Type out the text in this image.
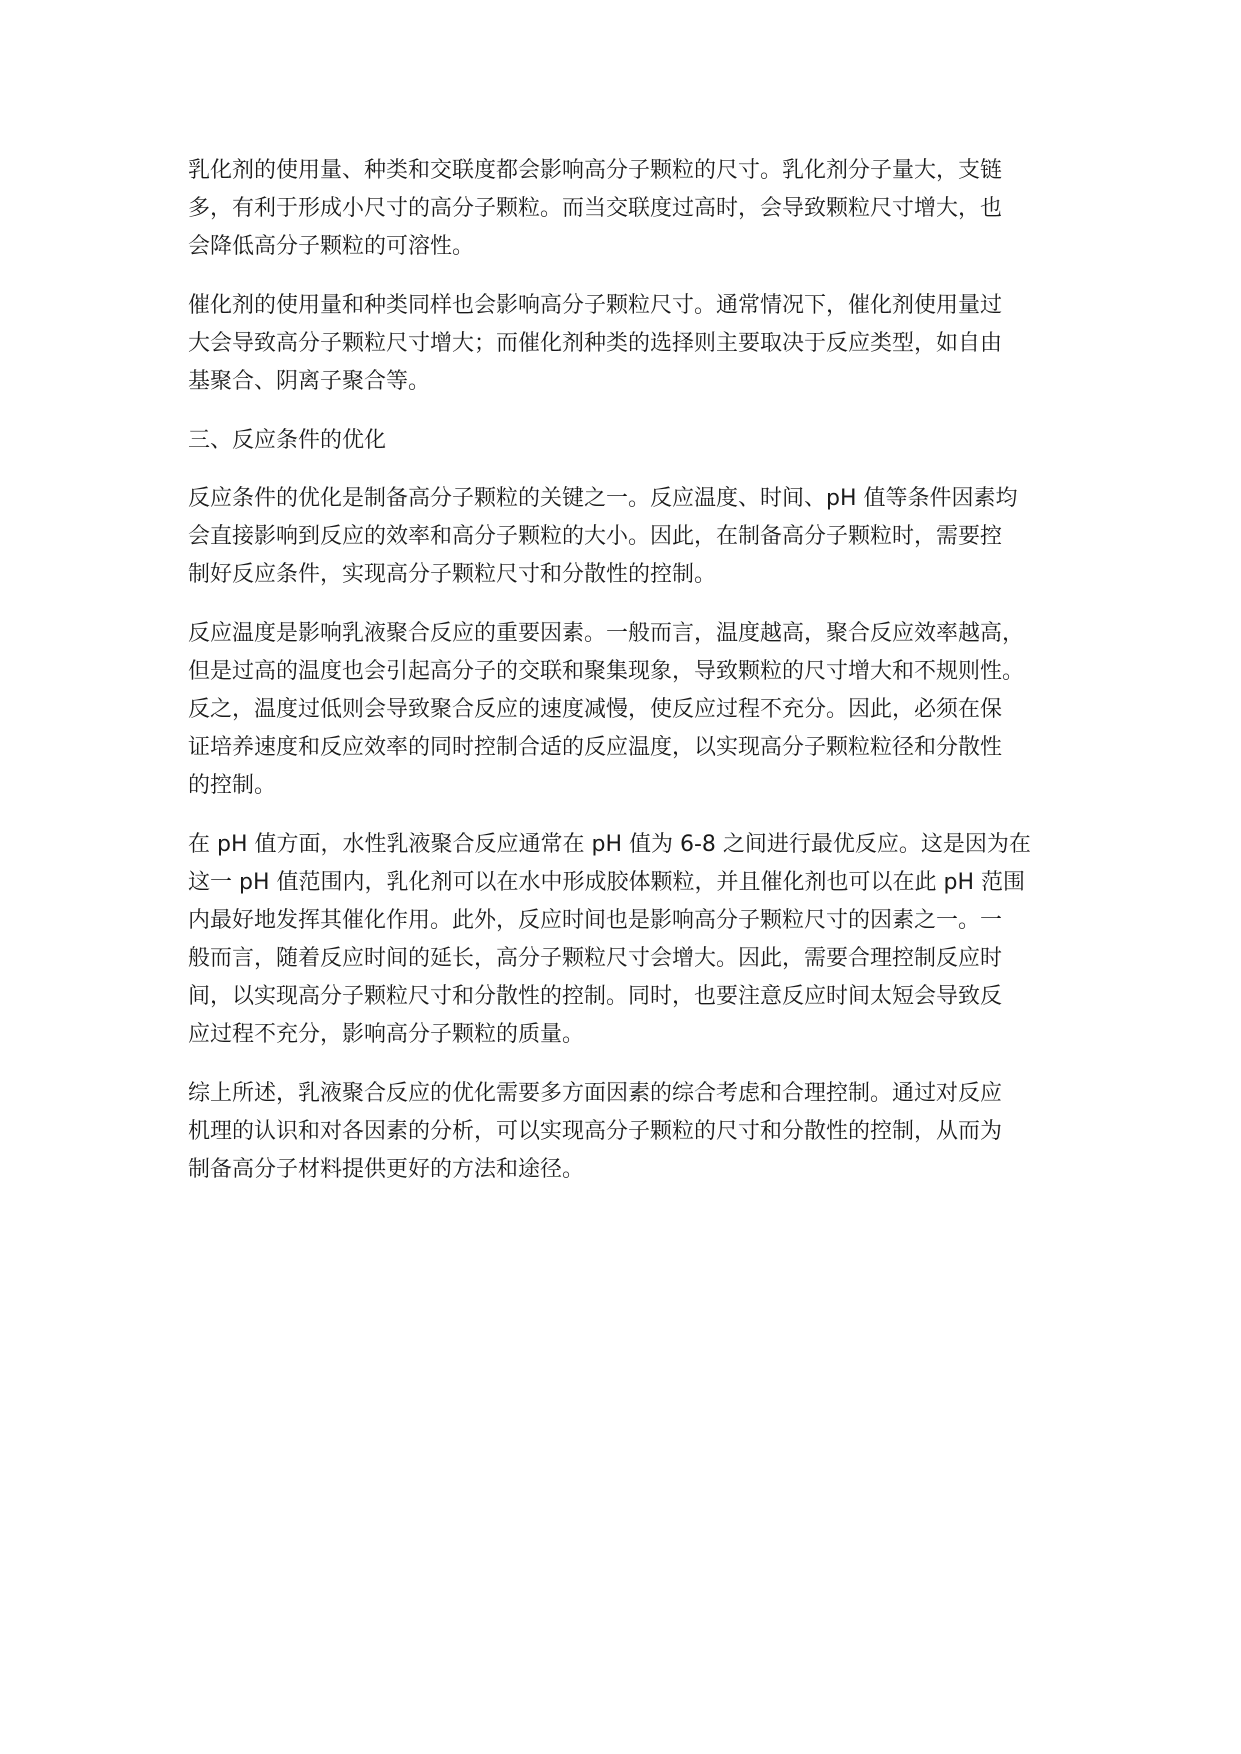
乳化剂的使用量、种类和交联度都会影响高分子颗粒的尺寸。乳化剂分子量大，支链
多，有利于形成小尺寸的高分子颗粒。而当交联度过高时，会导致颗粒尺寸增大，也
会降低高分子颗粒的可溶性。

催化剂的使用量和种类同样也会影响高分子颗粒尺寸。通常情况下，催化剂使用量过
大会导致高分子颗粒尺寸增大；而催化剂种类的选择则主要取决于反应类型，如自由
基聚合、阴离子聚合等。

三、反应条件的优化

反应条件的优化是制备高分子颗粒的关键之一。反应温度、时间、pH 值等条件因素均
会直接影响到反应的效率和高分子颗粒的大小。因此，在制备高分子颗粒时，需要控
制好反应条件，实现高分子颗粒尺寸和分散性的控制。

反应温度是影响乳液聚合反应的重要因素。一般而言，温度越高，聚合反应效率越高，
但是过高的温度也会引起高分子的交联和聚集现象，导致颗粒的尺寸增大和不规则性。
反之，温度过低则会导致聚合反应的速度减慢，使反应过程不充分。因此，必须在保
证培养速度和反应效率的同时控制合适的反应温度，以实现高分子颗粒粒径和分散性
的控制。

在 pH 值方面，水性乳液聚合反应通常在 pH 值为 6-8 之间进行最优反应。这是因为在
这一 pH 值范围内，乳化剂可以在水中形成胶体颗粒，并且催化剂也可以在此 pH 范围
内最好地发挥其催化作用。此外，反应时间也是影响高分子颗粒尺寸的因素之一。一
般而言，随着反应时间的延长，高分子颗粒尺寸会增大。因此，需要合理控制反应时
间，以实现高分子颗粒尺寸和分散性的控制。同时，也要注意反应时间太短会导致反
应过程不充分，影响高分子颗粒的质量。

综上所述，乳液聚合反应的优化需要多方面因素的综合考虑和合理控制。通过对反应
机理的认识和对各因素的分析，可以实现高分子颗粒的尺寸和分散性的控制，从而为
制备高分子材料提供更好的方法和途径。
